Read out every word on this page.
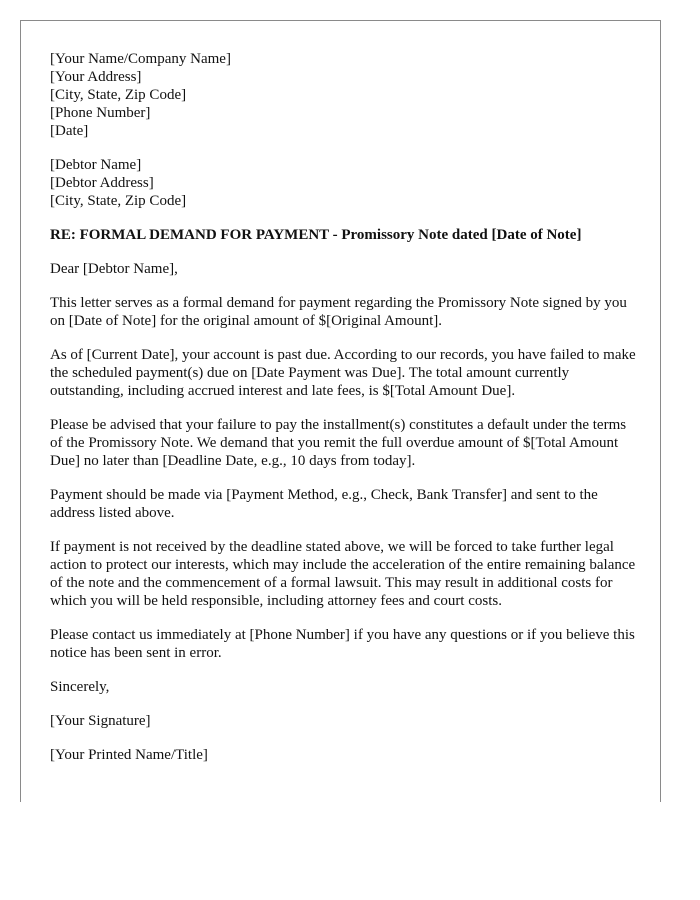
[Your Name/Company Name]
[Your Address]
[City, State, Zip Code]
[Phone Number]
[Date]
[Debtor Name]
[Debtor Address]
[City, State, Zip Code]

RE: FORMAL DEMAND FOR PAYMENT - Promissory Note dated [Date of Note]

Dear [Debtor Name],

This letter serves as a formal demand for payment regarding the Promissory Note signed by you on [Date of Note] for the original amount of $[Original Amount].

As of [Current Date], your account is past due. According to our records, you have failed to make the scheduled payment(s) due on [Date Payment was Due]. The total amount currently outstanding, including accrued interest and late fees, is $[Total Amount Due].

Please be advised that your failure to pay the installment(s) constitutes a default under the terms of the Promissory Note. We demand that you remit the full overdue amount of $[Total Amount Due] no later than [Deadline Date, e.g., 10 days from today].

Payment should be made via [Payment Method, e.g., Check, Bank Transfer] and sent to the address listed above.

If payment is not received by the deadline stated above, we will be forced to take further legal action to protect our interests, which may include the acceleration of the entire remaining balance of the note and the commencement of a formal lawsuit. This may result in additional costs for which you will be held responsible, including attorney fees and court costs.

Please contact us immediately at [Phone Number] if you have any questions or if you believe this notice has been sent in error.

Sincerely,

[Your Signature]

[Your Printed Name/Title]
